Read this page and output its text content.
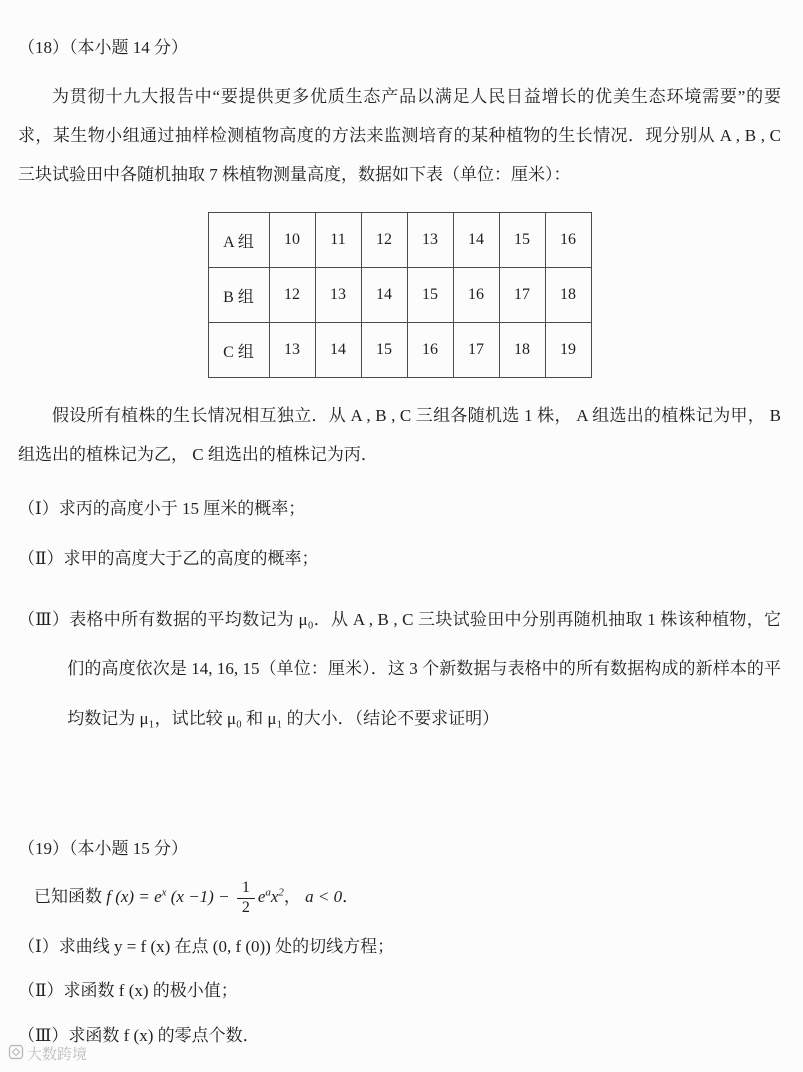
（18）（本小题 14 分）

为贯彻十九大报告中“要提供更多优质生态产品以满足人民日益增长的优美生态环境需要”的要求，某生物小组通过抽样检测植物高度的方法来监测培育的某种植物的生长情况．现分别从 A , B , C 三块试验田中各随机抽取 7 株植物测量高度，数据如下表（单位：厘米）：

A 组	10	11	12	13	14	15	16
B 组	12	13	14	15	16	17	18
C 组	13	14	15	16	17	18	19

假设所有植株的生长情况相互独立．从 A , B , C 三组各随机选 1 株， A 组选出的植株记为甲， B 组选出的植株记为乙， C 组选出的植株记为丙．

（Ⅰ）求丙的高度小于 15 厘米的概率；

（Ⅱ）求甲的高度大于乙的高度的概率；

（Ⅲ）表格中所有数据的平均数记为 μ₀．从 A , B , C 三块试验田中分别再随机抽取 1 株该种植物，它们的高度依次是 14, 16, 15（单位：厘米）．这 3 个新数据与表格中的所有数据构成的新样本的平均数记为 μ₁，试比较 μ₀ 和 μ₁ 的大小．（结论不要求证明）

（19）（本小题 15 分）

已知函数 f $(x) = e^x$ $(x -1) - \frac{1}{2} e^ax^2$， a < 0．

（Ⅰ）求曲线 y = f (x) 在点 (0, f (0)) 处的切线方程；

（Ⅱ）求函数 f (x) 的极小值；

（Ⅲ）求函数 f (x) 的零点个数．

大数跨境
